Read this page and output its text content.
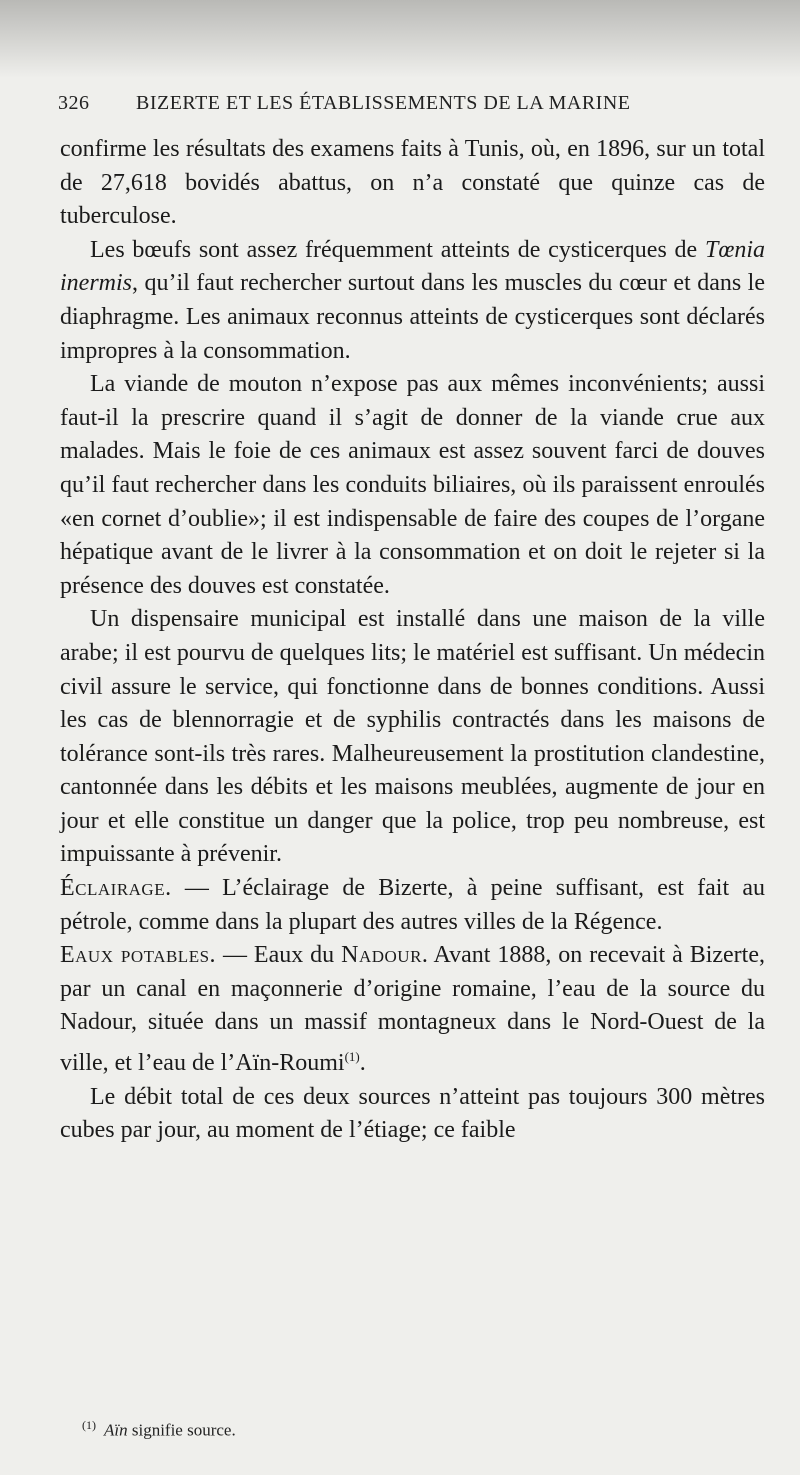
326	BIZERTE ET LES ÉTABLISSEMENTS DE LA MARINE

confirme les résultats des examens faits à Tunis, où, en 1896, sur un total de 27,618 bovidés abattus, on n’a constaté que quinze cas de tuberculose.

Les bœufs sont assez fréquemment atteints de cysticerques de Tœnia inermis, qu’il faut rechercher surtout dans les muscles du cœur et dans le diaphragme. Les animaux reconnus atteints de cysticerques sont déclarés impropres à la consommation.

La viande de mouton n’expose pas aux mêmes inconvénients; aussi faut-il la prescrire quand il s’agit de donner de la viande crue aux malades. Mais le foie de ces animaux est assez souvent farci de douves qu’il faut rechercher dans les conduits biliaires, où ils paraissent enroulés «en cornet d’oublie»; il est indispensable de faire des coupes de l’organe hépatique avant de le livrer à la consommation et on doit le rejeter si la présence des douves est constatée.

Un dispensaire municipal est installé dans une maison de la ville arabe; il est pourvu de quelques lits; le matériel est suffisant. Un médecin civil assure le service, qui fonctionne dans de bonnes conditions. Aussi les cas de blennorragie et de syphilis contractés dans les maisons de tolérance sont-ils très rares. Malheureusement la prostitution clandestine, cantonnée dans les débits et les maisons meublées, augmente de jour en jour et elle constitue un danger que la police, trop peu nombreuse, est impuissante à prévenir.

Éclairage. — L’éclairage de Bizerte, à peine suffisant, est fait au pétrole, comme dans la plupart des autres villes de la Régence.

Eaux potables. — Eaux du Nadour. Avant 1888, on recevait à Bizerte, par un canal en maçonnerie d’origine romaine, l’eau de la source du Nadour, située dans un massif montagneux dans le Nord-Ouest de la ville, et l’eau de l’Aïn-Roumi$^{(1)}$.

Le débit total de ces deux sources n’atteint pas toujours 300 mètres cubes par jour, au moment de l’étiage; ce faible

$^{(1)}$ Aïn signifie source.
